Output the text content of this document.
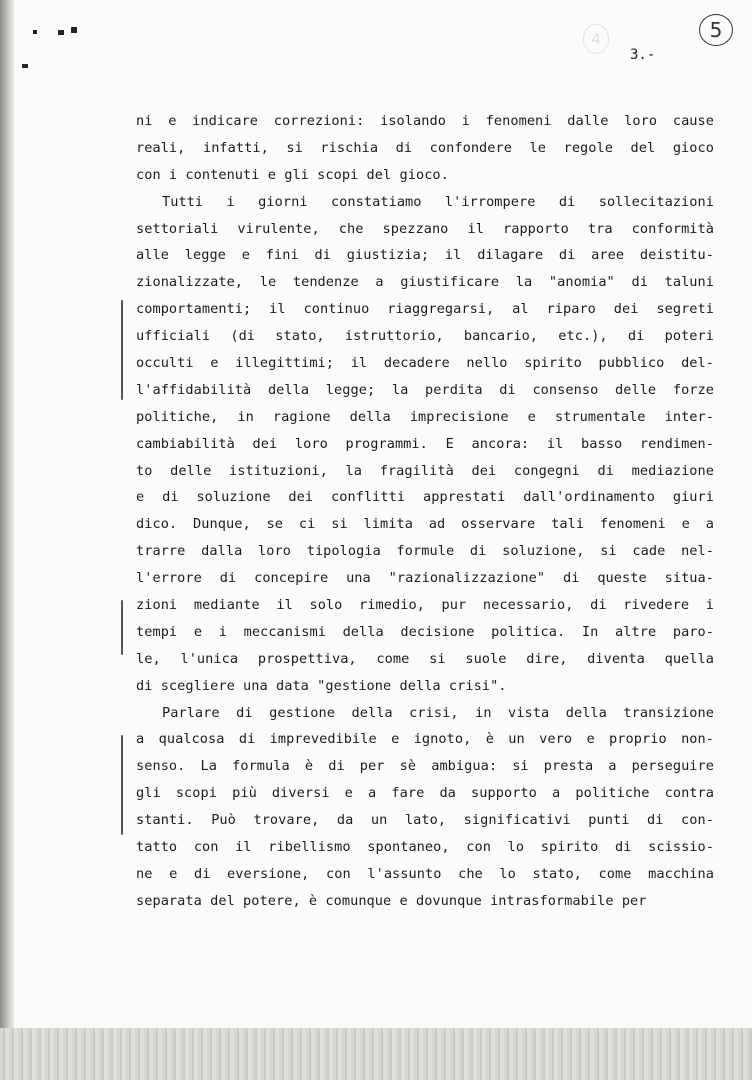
4	5
3.-
ni e indicare correzioni: isolando i fenomeni dalle loro cause
reali, infatti, si rischia di confondere le regole del gioco
con i contenuti e gli scopi del gioco.
Tutti i giorni constatiamo l'irrompere di sollecitazioni
settoriali virulente, che spezzano il rapporto tra conformità
alle legge e fini di giustizia; il dilagare di aree deistitu-
zionalizzate, le tendenze a giustificare la "anomia" di taluni
comportamenti; il continuo riaggregarsi, al riparo dei segreti
ufficiali (di stato, istruttorio, bancario, etc.), di poteri
occulti e illegittimi; il decadere nello spirito pubblico del-
l'affidabilità della legge; la perdita di consenso delle forze
politiche, in ragione della imprecisione e strumentale inter-
cambiabilità dei loro programmi. E ancora: il basso rendimen-
to delle istituzioni, la fragilità dei congegni di mediazione
e di soluzione dei conflitti apprestati dall'ordinamento giuri
dico. Dunque, se ci si limita ad osservare tali fenomeni e a
trarre dalla loro tipologia formule di soluzione, si cade nel-
l'errore di concepire una "razionalizzazione" di queste situa-
zioni mediante il solo rimedio, pur necessario, di rivedere i
tempi e i meccanismi della decisione politica. In altre paro-
le, l'unica prospettiva, come si suole dire, diventa quella
di scegliere una data "gestione della crisi".
Parlare di gestione della crisi, in vista della transizione
a qualcosa di imprevedibile e ignoto, è un vero e proprio non-
senso. La formula è di per sè ambigua: si presta a perseguire
gli scopi più diversi e a fare da supporto a politiche contra
stanti. Può trovare, da un lato, significativi punti di con-
tatto con il ribellismo spontaneo, con lo spirito di scissio-
ne e di eversione, con l'assunto che lo stato, come macchina
separata del potere, è comunque e dovunque intrasformabile per
